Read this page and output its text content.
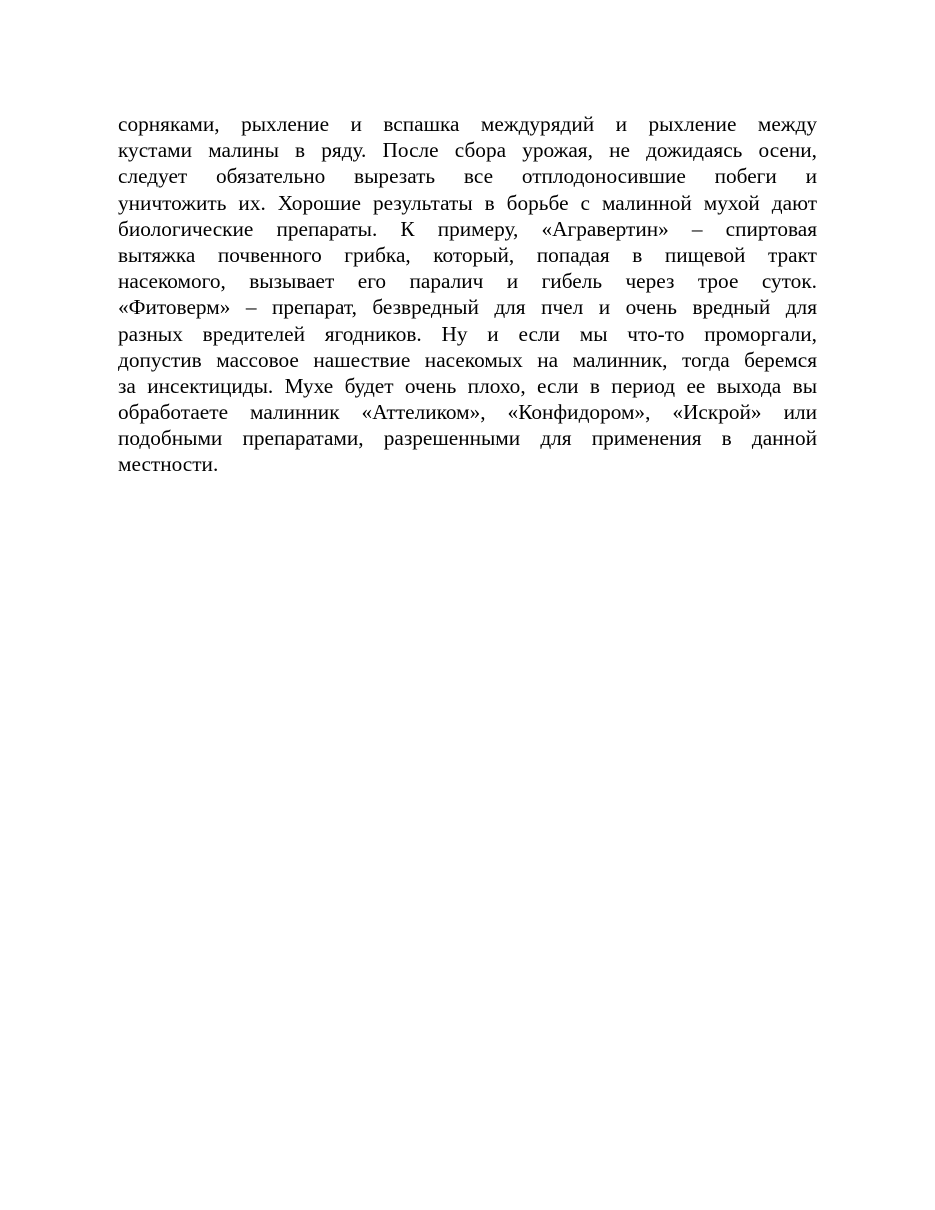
сорняками, рыхление и вспашка междурядий и рыхление между
кустами малины в ряду. После сбора урожая, не дожидаясь осени,
следует обязательно вырезать все отплодоносившие побеги и
уничтожить их. Хорошие результаты в борьбе с малинной мухой дают
биологические препараты. К примеру, «Агравертин» – спиртовая
вытяжка почвенного грибка, который, попадая в пищевой тракт
насекомого, вызывает его паралич и гибель через трое суток.
«Фитоверм» – препарат, безвредный для пчел и очень вредный для
разных вредителей ягодников. Ну и если мы что-то проморгали,
допустив массовое нашествие насекомых на малинник, тогда беремся
за инсектициды. Мухе будет очень плохо, если в период ее выхода вы
обработаете малинник «Аттеликом», «Конфидором», «Искрой» или
подобными препаратами, разрешенными для применения в данной
местности.
